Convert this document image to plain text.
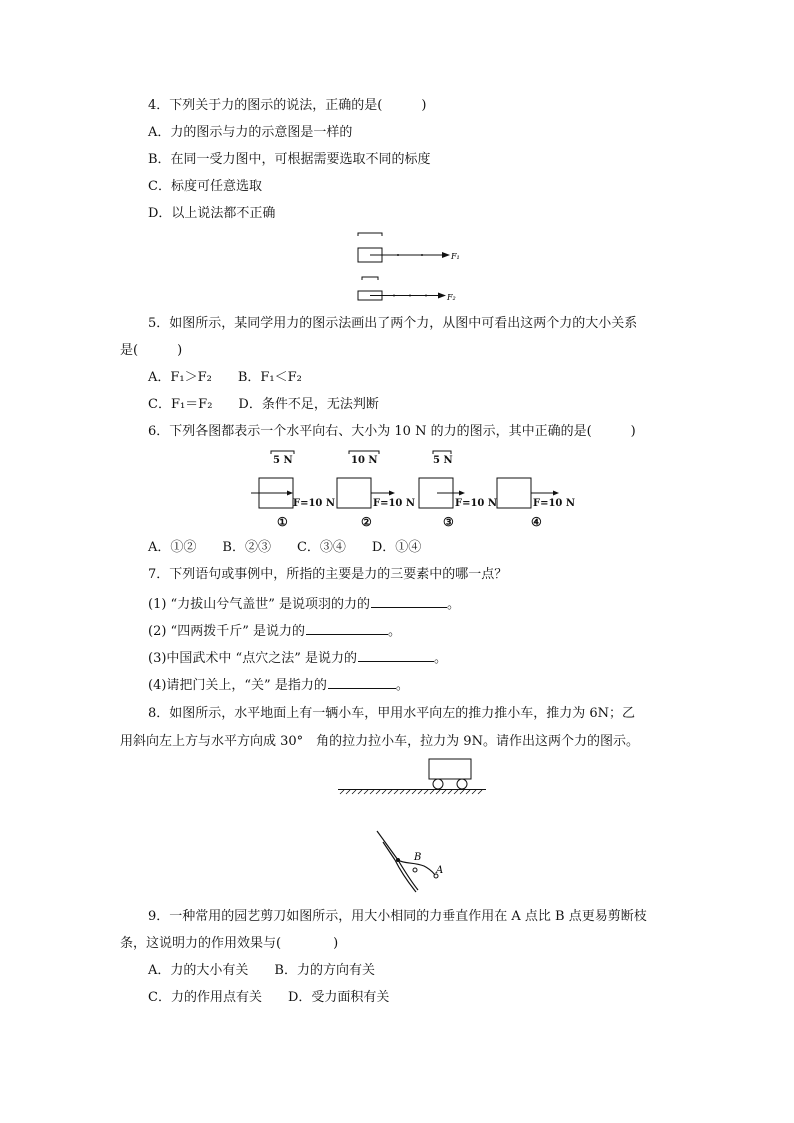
4．下列关于力的图示的说法，正确的是(　　　)
A．力的图示与力的示意图是一样的
B．在同一受力图中，可根据需要选取不同的标度
C．标度可任意选取
D．以上说法都不正确
F₁
F₂
5．如图所示，某同学用力的图示法画出了两个力，从图中可看出这两个力的大小关系
是(　　　)
A．F₁＞F₂　　B．F₁＜F₂
C．F₁＝F₂　　D．条件不足，无法判断
6．下列各图都表示一个水平向右、大小为 10 N 的力的图示，其中正确的是(　　　)
5 N	10 N	5 N
F=10 N	F=10 N	F=10 N	F=10 N
①	②	③	④
A．①②　　B．②③　　C．③④　　D．①④
7．下列语句或事例中，所指的主要是力的三要素中的哪一点？
(1) “力拔山兮气盖世” 是说项羽的力的	。
(2) “四两拨千斤” 是说力的	。
(3)中国武术中 “点穴之法” 是说力的	。
(4)请把门关上，“关” 是指力的	。
8．如图所示，水平地面上有一辆小车，甲用水平向左的推力推小车，推力为 6N；乙
用斜向左上方与水平方向成 30°　角的拉力拉小车，拉力为 9N。请作出这两个力的图示。
B
A
9．一种常用的园艺剪刀如图所示，用大小相同的力垂直作用在 A 点比 B 点更易剪断枝
条，这说明力的作用效果与(　　　　)
A．力的大小有关　　B．力的方向有关
C．力的作用点有关　　D．受力面积有关
